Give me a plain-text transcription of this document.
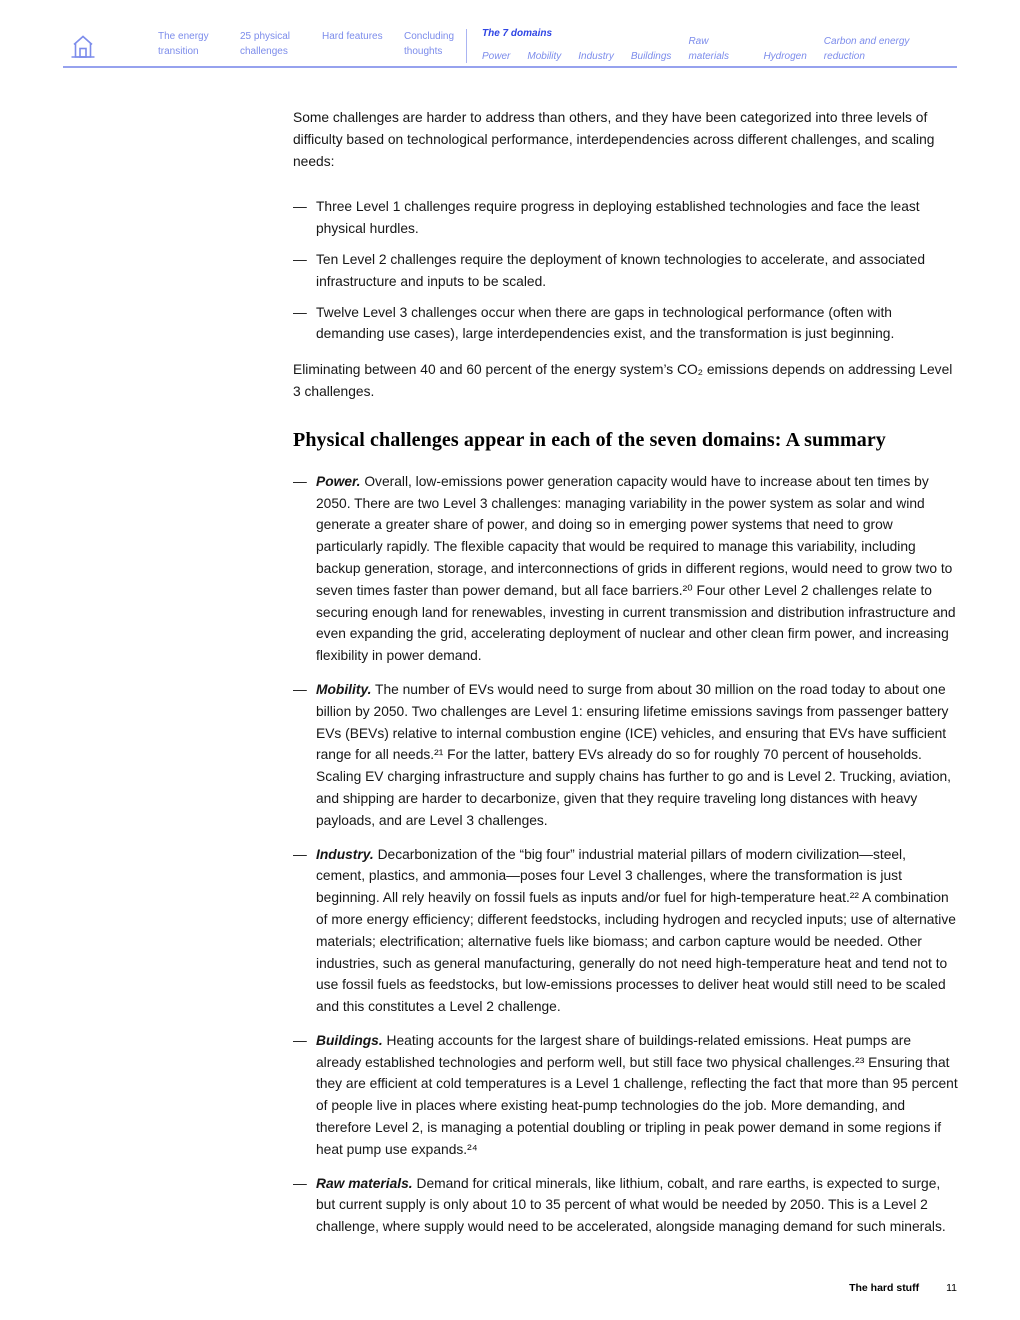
The energy transition
25 physical challenges
Hard features	Concluding thoughts
The 7 domains
Power Mobility Industry Buildings
Raw materials	Hydrogen
Carbon and energy reduction

Some challenges are harder to address than others, and they have been categorized into three levels of difficulty based on technological performance, interdependencies across different challenges, and scaling needs:

— Three Level 1 challenges require progress in deploying established technologies and face the least physical hurdles.
— Ten Level 2 challenges require the deployment of known technologies to accelerate, and associated infrastructure and inputs to be scaled.
— Twelve Level 3 challenges occur when there are gaps in technological performance (often with demanding use cases), large interdependencies exist, and the transformation is just beginning.

Eliminating between 40 and 60 percent of the energy system’s CO₂ emissions depends on addressing Level 3 challenges.

Physical challenges appear in each of the seven domains: A summary
— Power. Overall, low-emissions power generation capacity would have to increase about ten times by 2050. There are two Level 3 challenges: managing variability in the power system as solar and wind generate a greater share of power, and doing so in emerging power systems that need to grow particularly rapidly. The flexible capacity that would be required to manage this variability, including backup generation, storage, and interconnections of grids in different regions, would need to grow two to seven times faster than power demand, but all face barriers.²⁰ Four other Level 2 challenges relate to securing enough land for renewables, investing in current transmission and distribution infrastructure and even expanding the grid, accelerating deployment of nuclear and other clean firm power, and increasing flexibility in power demand.
— Mobility. The number of EVs would need to surge from about 30 million on the road today to about one billion by 2050. Two challenges are Level 1: ensuring lifetime emissions savings from passenger battery EVs (BEVs) relative to internal combustion engine (ICE) vehicles, and ensuring that EVs have sufficient range for all needs.²¹ For the latter, battery EVs already do so for roughly 70 percent of households. Scaling EV charging infrastructure and supply chains has further to go and is Level 2. Trucking, aviation, and shipping are harder to decarbonize, given that they require traveling long distances with heavy payloads, and are Level 3 challenges.
— Industry. Decarbonization of the “big four” industrial material pillars of modern civilization—steel, cement, plastics, and ammonia—poses four Level 3 challenges, where the transformation is just beginning. All rely heavily on fossil fuels as inputs and/or fuel for high-temperature heat.²² A combination of more energy efficiency; different feedstocks, including hydrogen and recycled inputs; use of alternative materials; electrification; alternative fuels like biomass; and carbon capture would be needed. Other industries, such as general manufacturing, generally do not need high-temperature heat and tend not to use fossil fuels as feedstocks, but low-emissions processes to deliver heat would still need to be scaled and this constitutes a Level 2 challenge.
— Buildings. Heating accounts for the largest share of buildings-related emissions. Heat pumps are already established technologies and perform well, but still face two physical challenges.²³ Ensuring that they are efficient at cold temperatures is a Level 1 challenge, reflecting the fact that more than 95 percent of people live in places where existing heat-pump technologies do the job. More demanding, and therefore Level 2, is managing a potential doubling or tripling in peak power demand in some regions if heat pump use expands.²⁴
— Raw materials. Demand for critical minerals, like lithium, cobalt, and rare earths, is expected to surge, but current supply is only about 10 to 35 percent of what would be needed by 2050. This is a Level 2 challenge, where supply would need to be accelerated, alongside managing demand for such minerals.
The hard stuff	11
